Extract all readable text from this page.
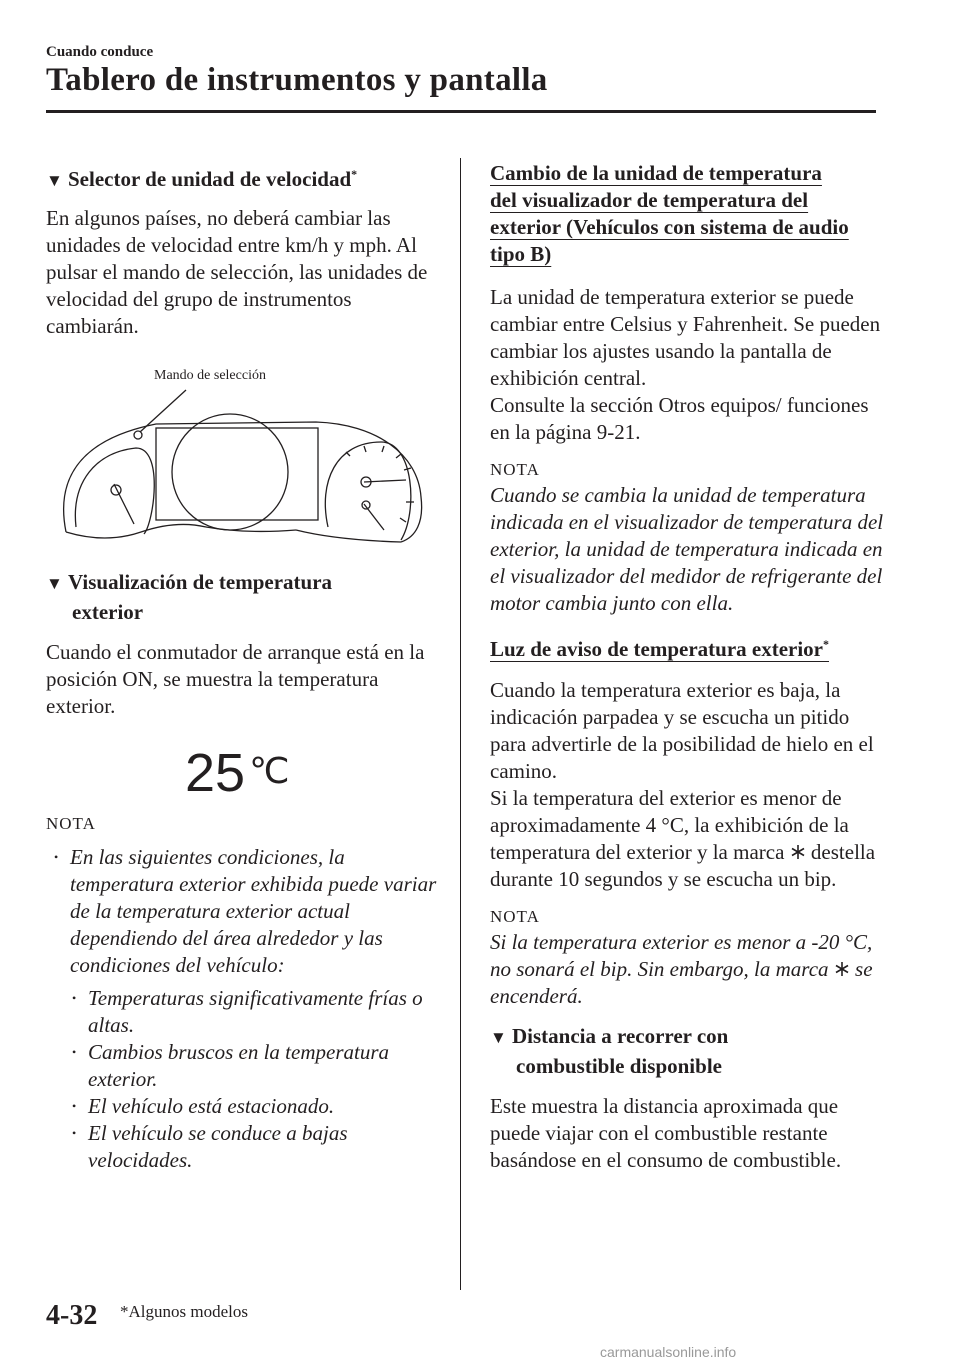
Cuando conduce
Tablero de instrumentos y pantalla
▼ Selector de unidad de velocidad*

En algunos países, no deberá cambiar las unidades de velocidad entre km/h y mph. Al pulsar el mando de selección, las unidades de velocidad del grupo de instrumentos cambiarán.

Mando de selección
▼ Visualización de temperatura
exterior

Cuando el conmutador de arranque está en la posición ON, se muestra la temperatura exterior.

25 ℃
NOTA
• En las siguientes condiciones, la temperatura exterior exhibida puede variar de la temperatura exterior actual dependiendo del área alrededor y las condiciones del vehículo:
• Temperaturas significativamente frías o altas.
• Cambios bruscos en la temperatura exterior.
• El vehículo está estacionado.
• El vehículo se conduce a bajas velocidades.
Cambio de la unidad de temperatura
del visualizador de temperatura del
exterior (Vehículos con sistema de audio
tipo B)

La unidad de temperatura exterior se puede cambiar entre Celsius y Fahrenheit. Se pueden cambiar los ajustes usando la pantalla de exhibición central.

Consulte la sección Otros equipos/ funciones en la página 9-21.

NOTA
Cuando se cambia la unidad de temperatura indicada en el visualizador de temperatura del exterior, la unidad de temperatura indicada en el visualizador del medidor de refrigerante del motor cambia junto con ella.
Luz de aviso de temperatura exterior*

Cuando la temperatura exterior es baja, la indicación parpadea y se escucha un pitido para advertirle de la posibilidad de hielo en el camino.

Si la temperatura del exterior es menor de aproximadamente 4 °C, la exhibición de la temperatura del exterior y la marca destella durante 10 segundos y se escucha un bip.

NOTA
Si la temperatura exterior es menor a -20 °C, no sonará el bip. Sin embargo, la marca se encenderá.
▼ Distancia a recorrer con
combustible disponible

Este muestra la distancia aproximada que puede viajar con el combustible restante basándose en el consumo de combustible.

4-32 *Algunos modelos
carmanualsonline.info
